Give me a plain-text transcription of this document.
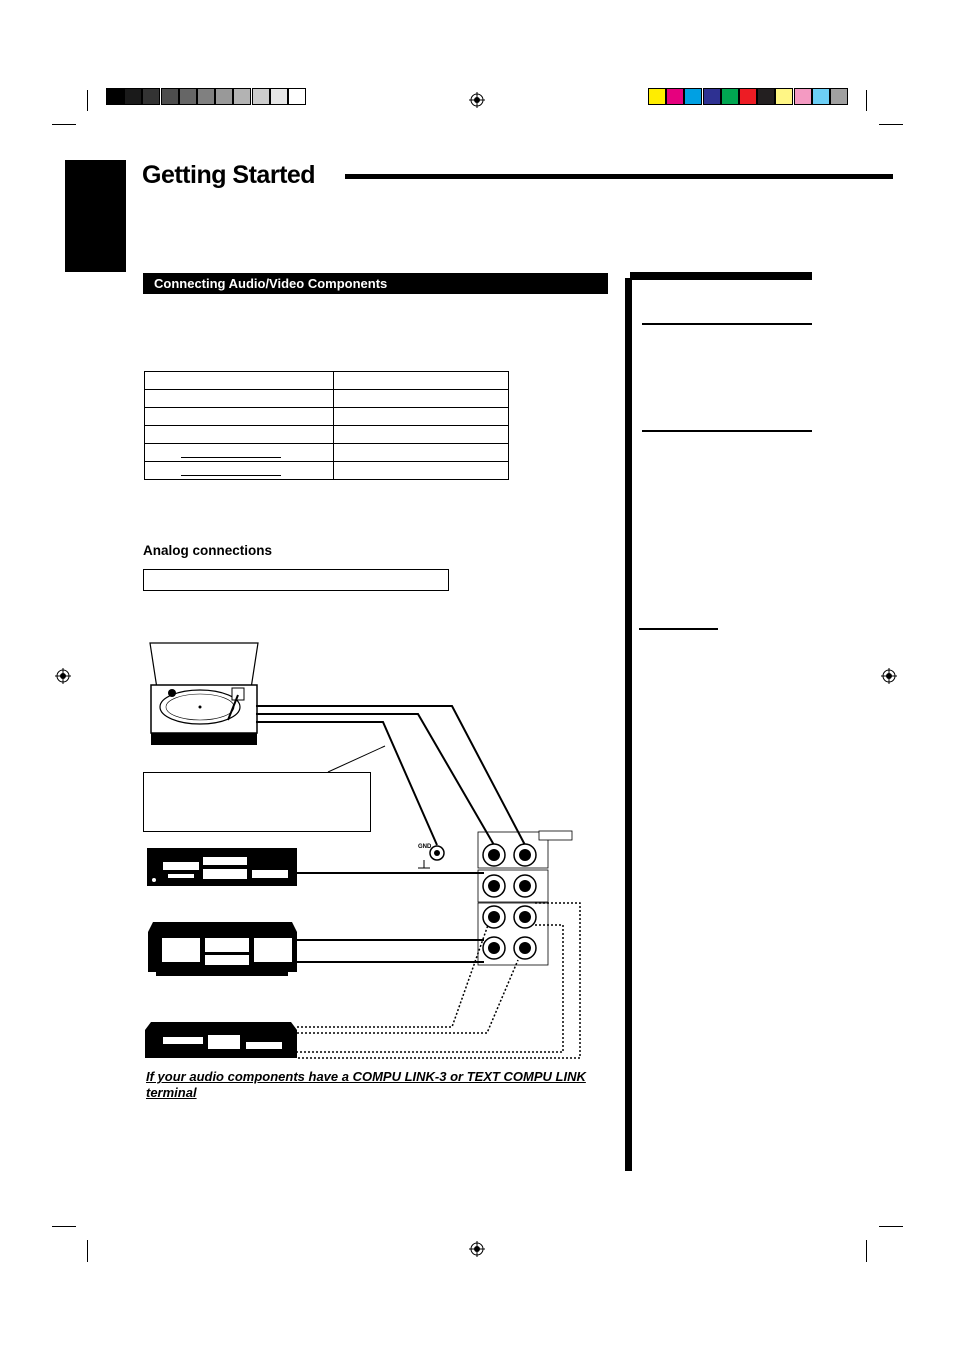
Getting Started
Connecting Audio/Video Components

Analog connections
GND
If your audio components have a COMPU LINK-3 or TEXT COMPU LINK terminal
